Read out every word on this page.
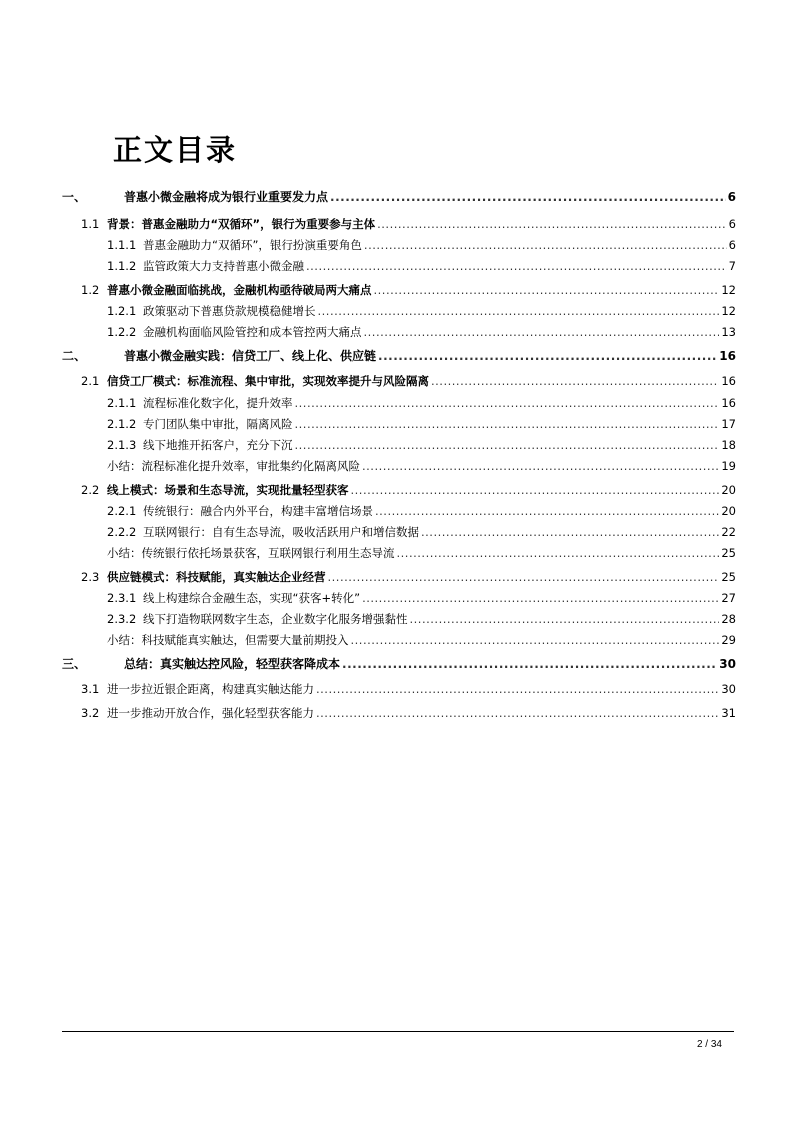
正文目录
一、	普惠小微金融将成为银行业重要发力点 .....	6
1.1 背景：普惠金融助力“双循环”，银行为重要参与主体 .....	6
1.1.1 普惠金融助力“双循环”，银行扮演重要角色 .....	6
1.1.2 监管政策大力支持普惠小微金融 .....	7
1.2 普惠小微金融面临挑战，金融机构亟待破局两大痛点 .....	12
1.2.1 政策驱动下普惠贷款规模稳健增长 .....	12
1.2.2 金融机构面临风险管控和成本管控两大痛点 .....	13
二、	普惠小微金融实践：信贷工厂、线上化、供应链 .....	16
2.1 信贷工厂模式：标准流程、集中审批，实现效率提升与风险隔离 .....	16
2.1.1 流程标准化数字化，提升效率 .....	16
2.1.2 专门团队集中审批，隔离风险 .....	17
2.1.3 线下地推开拓客户，充分下沉 .....	18
小结：流程标准化提升效率，审批集约化隔离风险 .....	19
2.2 线上模式：场景和生态导流，实现批量轻型获客 .....	20
2.2.1 传统银行：融合内外平台，构建丰富增信场景 .....	20
2.2.2 互联网银行：自有生态导流，吸收活跃用户和增信数据 .....	22
小结：传统银行依托场景获客，互联网银行利用生态导流 .....	25
2.3 供应链模式：科技赋能，真实触达企业经营 .....	25
2.3.1 线上构建综合金融生态，实现“获客+转化” .....	27
2.3.2 线下打造物联网数字生态，企业数字化服务增强黏性 .....	28
小结：科技赋能真实触达，但需要大量前期投入 .....	29
三、	总结：真实触达控风险，轻型获客降成本 .....	30
3.1 进一步拉近银企距离，构建真实触达能力 .....	30
3.2 进一步推动开放合作，强化轻型获客能力 .....	31
2 / 34
